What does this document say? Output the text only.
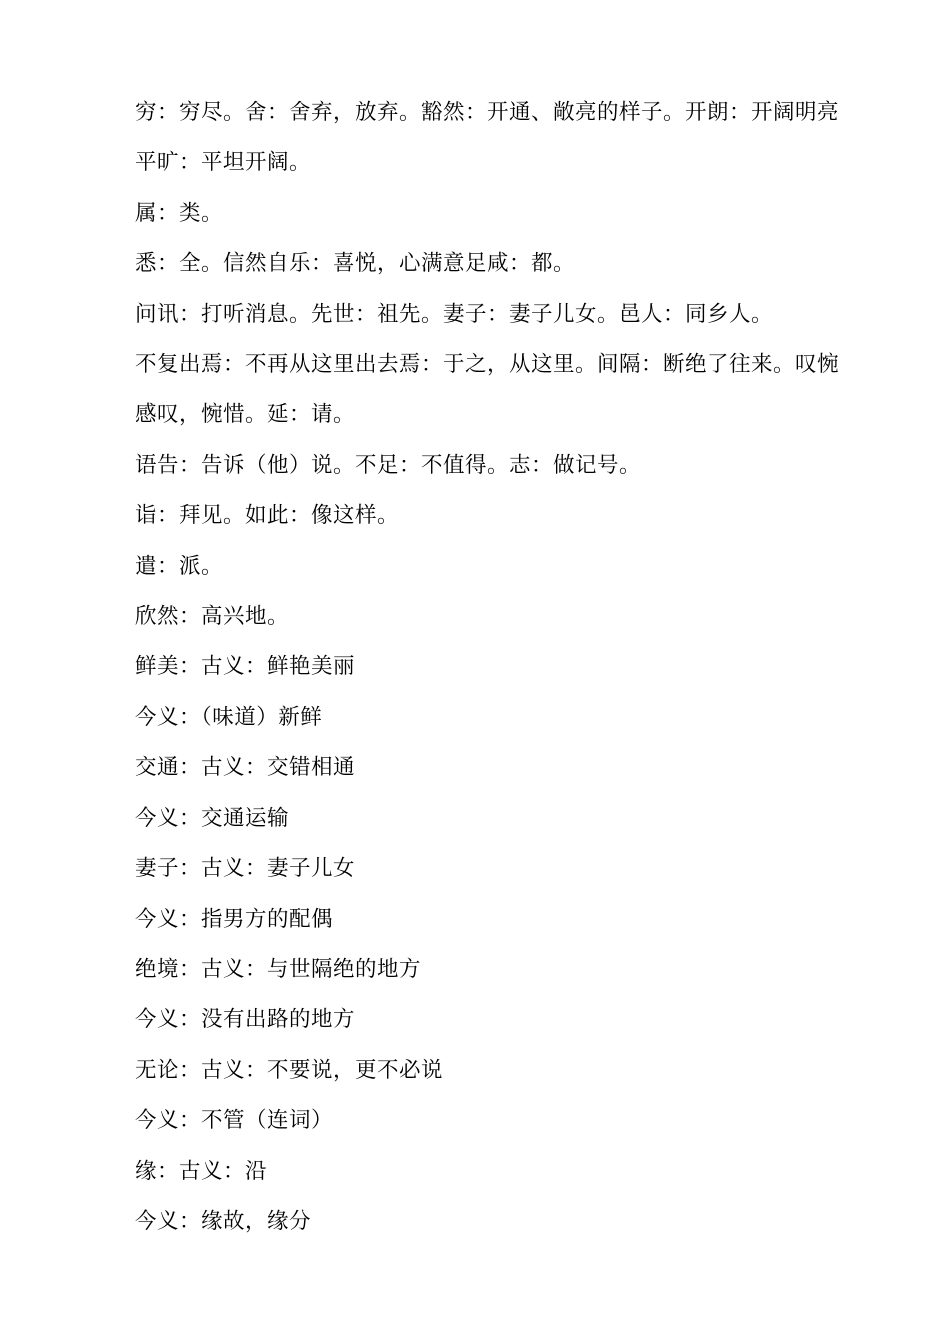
穷：穷尽。舍：舍弃，放弃。豁然：开通、敞亮的样子。开朗：开阔明亮
平旷：平坦开阔。
属：类。
悉：全。信然自乐：喜悦，心满意足咸：都。
问讯：打听消息。先世：祖先。妻子：妻子儿女。邑人：同乡人。
不复出焉：不再从这里出去焉：于之，从这里。间隔：断绝了往来。叹惋
感叹，惋惜。延：请。
语告：告诉（他）说。不足：不值得。志：做记号。
诣：拜见。如此：像这样。
遣：派。
欣然：高兴地。
鲜美：古义：鲜艳美丽
今义：（味道）新鲜
交通：古义：交错相通
今义：交通运输
妻子：古义：妻子儿女
今义：指男方的配偶
绝境：古义：与世隔绝的地方
今义：没有出路的地方
无论：古义：不要说，更不必说
今义：不管（连词）
缘：古义：沿
今义：缘故，缘分
